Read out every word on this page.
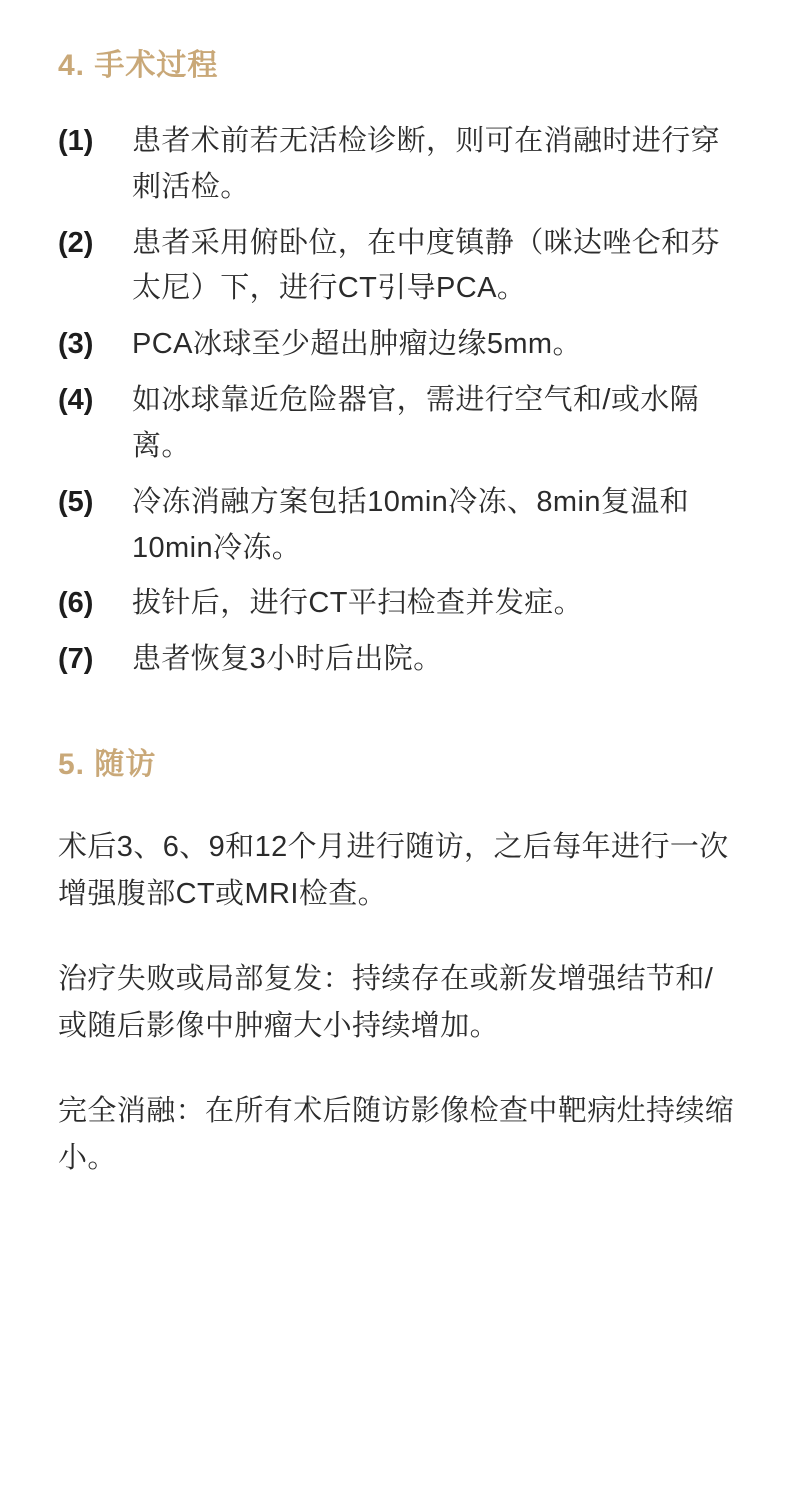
4. 手术过程
(1)	患者术前若无活检诊断，则可在消融时进行穿刺活检。
(2)	患者采用俯卧位，在中度镇静（咪达唑仑和芬太尼）下，进行CT引导PCA。
(3)	PCA冰球至少超出肿瘤边缘5mm。
(4)	如冰球靠近危险器官，需进行空气和/或水隔离。
(5)	冷冻消融方案包括10min冷冻、8min复温和10min冷冻。
(6)	拔针后，进行CT平扫检查并发症。
(7)	患者恢复3小时后出院。
5. 随访

术后3、6、9和12个月进行随访，之后每年进行一次增强腹部CT或MRI检查。

治疗失败或局部复发：持续存在或新发增强结节和/或随后影像中肿瘤大小持续增加。

完全消融：在所有术后随访影像检查中靶病灶持续缩小。
